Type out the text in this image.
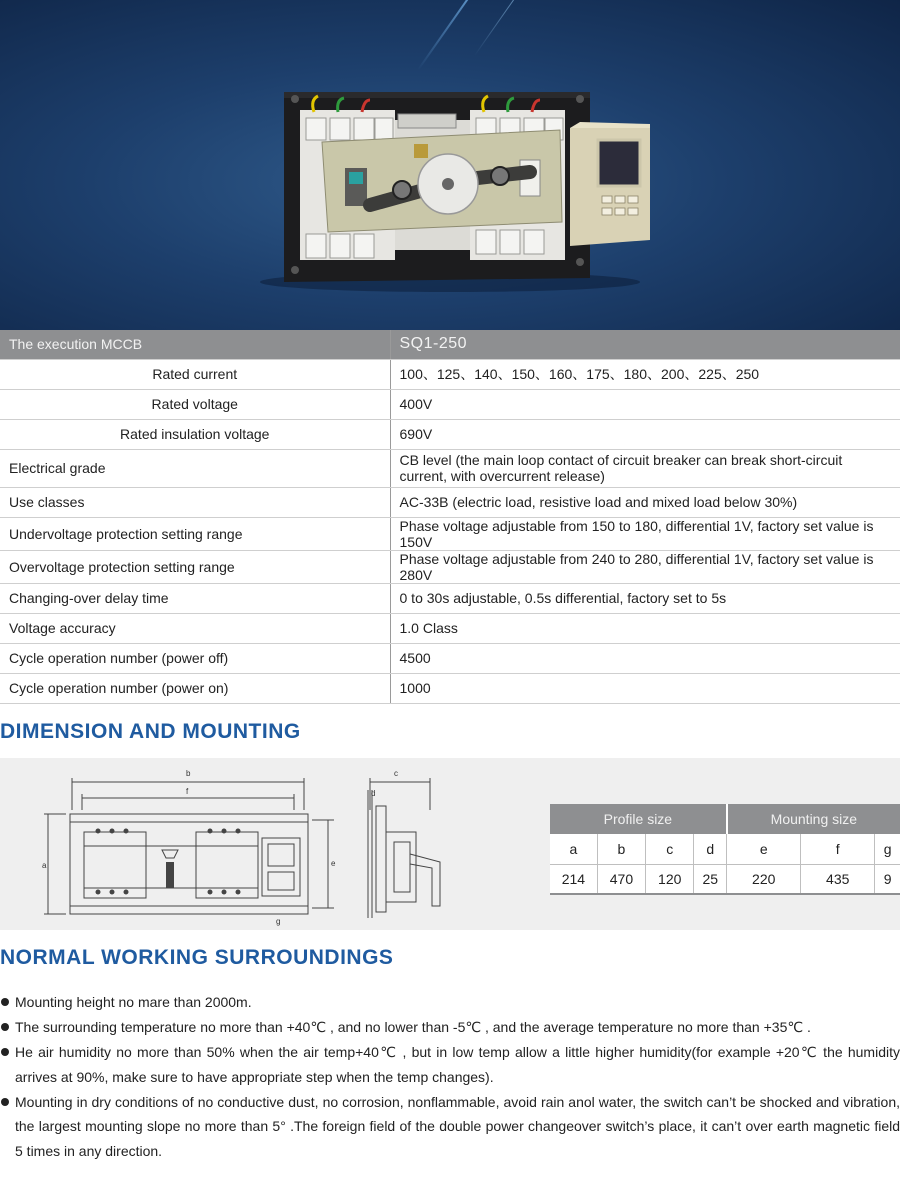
The execution MCCB	SQ1-250
Rated current	100、125、140、150、160、175、180、200、225、250
Rated voltage	400V
Rated insulation voltage	690V
Electrical grade	CB level (the main loop contact of circuit breaker can break short-circuit current, with overcurrent release)
Use classes	AC-33B (electric load, resistive load and mixed load below 30%)
Undervoltage protection setting range	Phase voltage adjustable from 150 to 180, differential 1V, factory set value is 150V
Overvoltage protection setting range	Phase voltage adjustable from 240 to 280, differential 1V, factory set value is 280V
Changing-over delay time	0 to 30s adjustable, 0.5s differential, factory set to 5s
Voltage accuracy	1.0 Class
Cycle operation number (power off)	4500
Cycle operation number (power on)	1000
DIMENSION AND MOUNTING
b
f
a	e
c
d
g
Profile size				Mounting size		
a	b	c	d	e	f	g
214	470	120	25	220	435	9
NORMAL WORKING SURROUNDINGS
Mounting height no mare than 2000m.
The surrounding temperature no more than +40℃ , and no lower than -5℃ , and the average temperature no more than +35℃ .
He air humidity no more than 50% when the air temp+40℃ , but in low temp allow a little higher humidity(for example +20℃ the humidity arrives at 90%, make sure to have appropriate step when the temp changes).
Mounting in dry conditions of no conductive dust, no corrosion, nonflammable, avoid rain anol water, the switch can’t be shocked and vibration, the largest mounting slope no more than 5° .The foreign field of the double power changeover switch’s place, it can’t over earth magnetic field 5 times in any direction.
